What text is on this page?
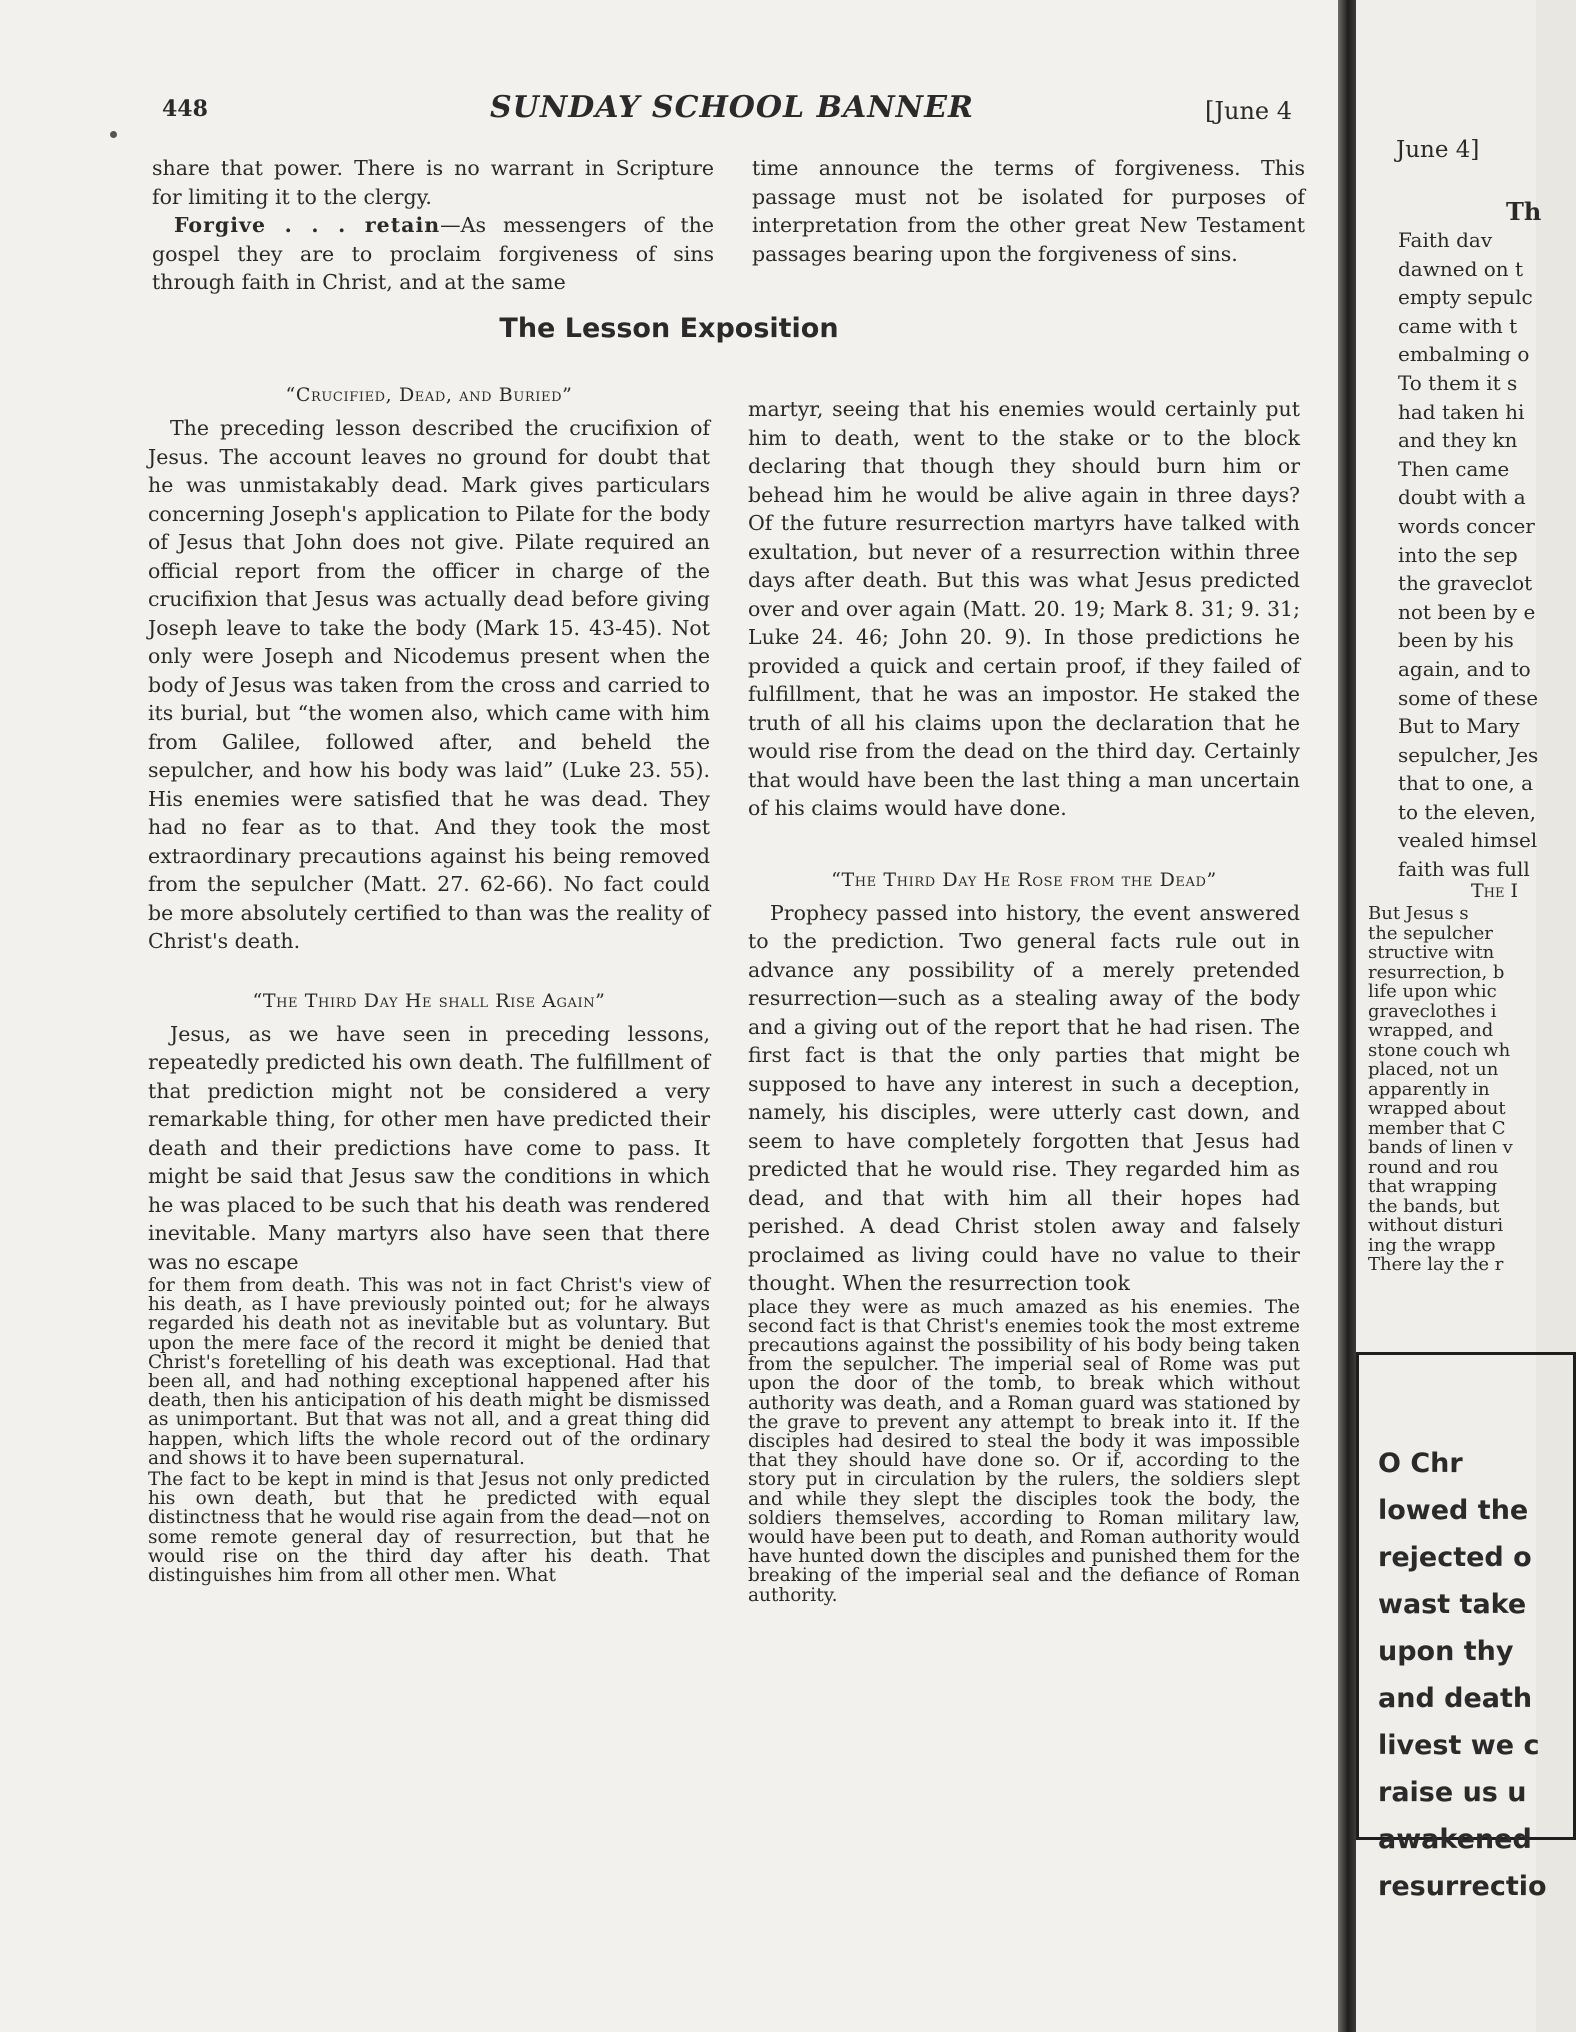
448	SUNDAY SCHOOL BANNER	[June 4

share that power. There is no warrant in Scripture for limiting it to the clergy.

Forgive . . . retain—As messengers of the gospel they are to proclaim forgiveness of sins through faith in Christ, and at the same

time announce the terms of forgiveness. This passage must not be isolated for purposes of interpretation from the other great New Testament passages bearing upon the forgiveness of sins.

The Lesson Exposition
“Crucified, Dead, and Buried”

The preceding lesson described the crucifixion of Jesus. The account leaves no ground for doubt that he was unmistakably dead. Mark gives particulars concerning Joseph's application to Pilate for the body of Jesus that John does not give. Pilate required an official report from the officer in charge of the crucifixion that Jesus was actually dead before giving Joseph leave to take the body (Mark 15. 43-45). Not only were Joseph and Nicodemus present when the body of Jesus was taken from the cross and carried to its burial, but “the women also, which came with him from Galilee, followed after, and beheld the sepulcher, and how his body was laid” (Luke 23. 55). His enemies were satisfied that he was dead. They had no fear as to that. And they took the most extraordinary precautions against his being removed from the sepulcher (Matt. 27. 62-66). No fact could be more absolutely certified to than was the reality of Christ's death.

“The Third Day He shall Rise Again”

Jesus, as we have seen in preceding lessons, repeatedly predicted his own death. The fulfillment of that prediction might not be considered a very remarkable thing, for other men have predicted their death and their predictions have come to pass. It might be said that Jesus saw the conditions in which he was placed to be such that his death was rendered inevitable. Many martyrs also have seen that there was no escape

for them from death. This was not in fact Christ's view of his death, as I have previously pointed out; for he always regarded his death not as inevitable but as voluntary. But upon the mere face of the record it might be denied that Christ's foretelling of his death was exceptional. Had that been all, and had nothing exceptional happened after his death, then his anticipation of his death might be dismissed as unimportant. But that was not all, and a great thing did happen, which lifts the whole record out of the ordinary and shows it to have been supernatural.

The fact to be kept in mind is that Jesus not only predicted his own death, but that he predicted with equal distinctness that he would rise again from the dead—not on some remote general day of resurrection, but that he would rise on the third day after his death. That distinguishes him from all other men. What

martyr, seeing that his enemies would certainly put him to death, went to the stake or to the block declaring that though they should burn him or behead him he would be alive again in three days? Of the future resurrection martyrs have talked with exultation, but never of a resurrection within three days after death. But this was what Jesus predicted over and over again (Matt. 20. 19; Mark 8. 31; 9. 31; Luke 24. 46; John 20. 9). In those predictions he provided a quick and certain proof, if they failed of fulfillment, that he was an impostor. He staked the truth of all his claims upon the declaration that he would rise from the dead on the third day. Certainly that would have been the last thing a man uncertain of his claims would have done.

“The Third Day He Rose from the Dead”

Prophecy passed into history, the event answered to the prediction. Two general facts rule out in advance any possibility of a merely pretended resurrection—such as a stealing away of the body and a giving out of the report that he had risen. The first fact is that the only parties that might be supposed to have any interest in such a deception, namely, his disciples, were utterly cast down, and seem to have completely forgotten that Jesus had predicted that he would rise. They regarded him as dead, and that with him all their hopes had perished. A dead Christ stolen away and falsely proclaimed as living could have no value to their thought. When the resurrection took

place they were as much amazed as his enemies. The second fact is that Christ's enemies took the most extreme precautions against the possibility of his body being taken from the sepulcher. The imperial seal of Rome was put upon the door of the tomb, to break which without authority was death, and a Roman guard was stationed by the grave to prevent any attempt to break into it. If the disciples had desired to steal the body it was impossible that they should have done so. Or if, according to the story put in circulation by the rulers, the soldiers slept and while they slept the disciples took the body, the soldiers themselves, according to Roman military law, would have been put to death, and Roman authority would have hunted down the disciples and punished them for the breaking of the imperial seal and the defiance of Roman authority.

June 4]
Th
Faith dav
dawned on t
empty sepulc
came with t
embalming o
To them it s
had taken hi
and they kn
Then came
doubt with a
words concer
into the sep
the graveclot
not been by e
been by his
again, and to
some of these
But to Mary
sepulcher, Jes
that to one, a
to the eleven,
vealed himsel
faith was full
The I
But Jesus s
the sepulcher
structive witn
resurrection, b
life upon whic
graveclothes i
wrapped, and
stone couch wh
placed, not un
apparently in
wrapped about
member that C
bands of linen v
round and rou
that wrapping
the bands, but
without disturi
ing the wrapp
There lay the r
O Chr
lowed the
rejected o
wast take
upon thy
and death
livest we c
raise us u
awakened
resurrectio
